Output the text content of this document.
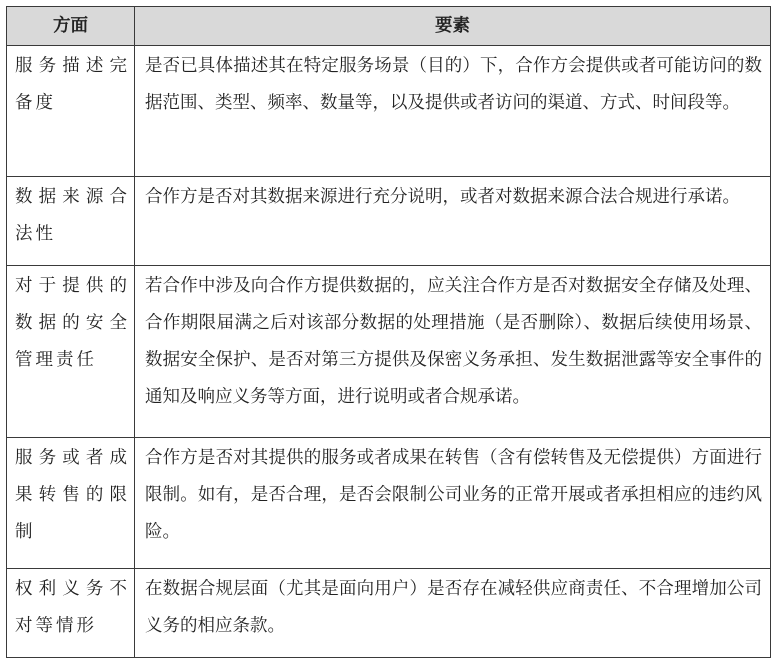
方面	要素
服务描述完备度	是否已具体描述其在特定服务场景（目的）下，合作方会提供或者可能访问的数据范围、类型、频率、数量等，以及提供或者访问的渠道、方式、时间段等。
数据来源合法性	合作方是否对其数据来源进行充分说明，或者对数据来源合法合规进行承诺。
对于提供的数据的安全管理责任	若合作中涉及向合作方提供数据的，应关注合作方是否对数据安全存储及处理、合作期限届满之后对该部分数据的处理措施（是否删除）、数据后续使用场景、数据安全保护、是否对第三方提供及保密义务承担、发生数据泄露等安全事件的通知及响应义务等方面，进行说明或者合规承诺。
服务或者成果转售的限制	合作方是否对其提供的服务或者成果在转售（含有偿转售及无偿提供）方面进行限制。如有，是否合理，是否会限制公司业务的正常开展或者承担相应的违约风险。
权利义务不对等情形	在数据合规层面（尤其是面向用户）是否存在减轻供应商责任、不合理增加公司义务的相应条款。
